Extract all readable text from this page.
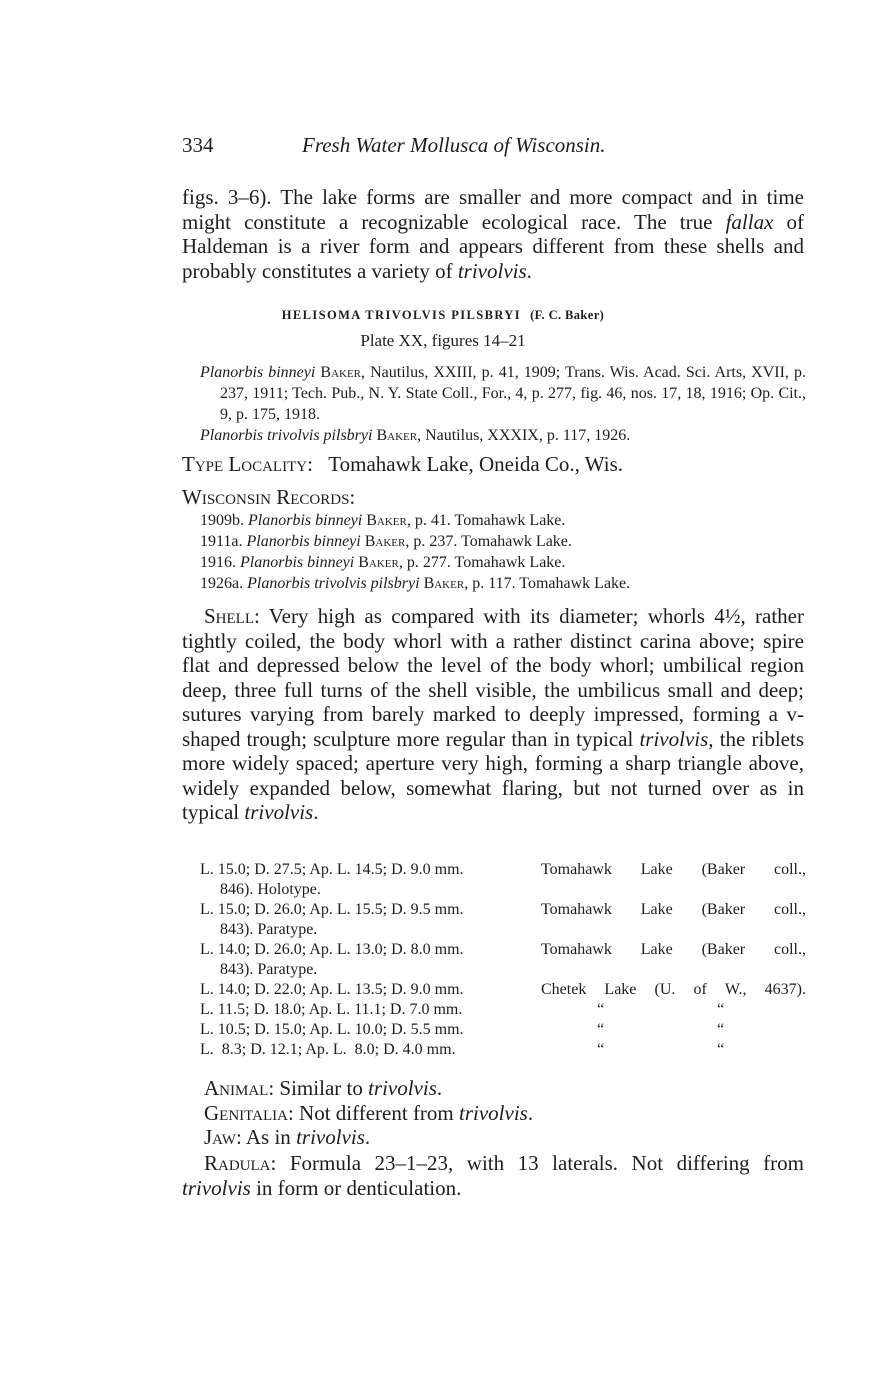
334	Fresh Water Mollusca of Wisconsin.
figs. 3–6). The lake forms are smaller and more compact and in time might constitute a recognizable ecological race. The true fallax of Haldeman is a river form and appears different from these shells and probably constitutes a variety of trivolvis.
HELISOMA TRIVOLVIS PILSBRYI (F. C. Baker)
Plate XX, figures 14–21

Planorbis binneyi Baker, Nautilus, XXIII, p. 41, 1909; Trans. Wis. Acad. Sci. Arts, XVII, p. 237, 1911; Tech. Pub., N. Y. State Coll., For., 4, p. 277, fig. 46, nos. 17, 18, 1916; Op. Cit., 9, p. 175, 1918.

Planorbis trivolvis pilsbryi Baker, Nautilus, XXXIX, p. 117, 1926.

Type Locality: Tomahawk Lake, Oneida Co., Wis.
Wisconsin Records:

1909b. Planorbis binneyi Baker, p. 41. Tomahawk Lake.

1911a. Planorbis binneyi Baker, p. 237. Tomahawk Lake.

1916. Planorbis binneyi Baker, p. 277. Tomahawk Lake.

1926a. Planorbis trivolvis pilsbryi Baker, p. 117. Tomahawk Lake.

Shell: Very high as compared with its diameter; whorls 4½, rather tightly coiled, the body whorl with a rather distinct carina above; spire flat and depressed below the level of the body whorl; umbilical region deep, three full turns of the shell visible, the umbilicus small and deep; sutures varying from barely marked to deeply impressed, forming a v-shaped trough; sculpture more regular than in typical trivolvis, the riblets more widely spaced; aperture very high, forming a sharp triangle above, widely expanded below, somewhat flaring, but not turned over as in typical trivolvis.
L. 15.0; D. 27.5; Ap. L. 14.5; D. 9.0 mm.	Tomahawk Lake (Baker coll.,
846). Holotype.
L. 15.0; D. 26.0; Ap. L. 15.5; D. 9.5 mm.	Tomahawk Lake (Baker coll.,
843). Paratype.
L. 14.0; D. 26.0; Ap. L. 13.0; D. 8.0 mm.	Tomahawk Lake (Baker coll.,
843). Paratype.
L. 14.0; D. 22.0; Ap. L. 13.5; D. 9.0 mm.	Chetek Lake (U. of W., 4637).
L. 11.5; D. 18.0; Ap. L. 11.1; D. 7.0 mm.	“	“
L. 10.5; D. 15.0; Ap. L. 10.0; D. 5.5 mm.	“	“
L.  8.3; D. 12.1; Ap. L.  8.0; D. 4.0 mm.	“	“

Animal: Similar to trivolvis.

Genitalia: Not different from trivolvis.

Jaw: As in trivolvis.

Radula: Formula 23–1–23, with 13 laterals. Not differing from trivolvis in form or denticulation.
